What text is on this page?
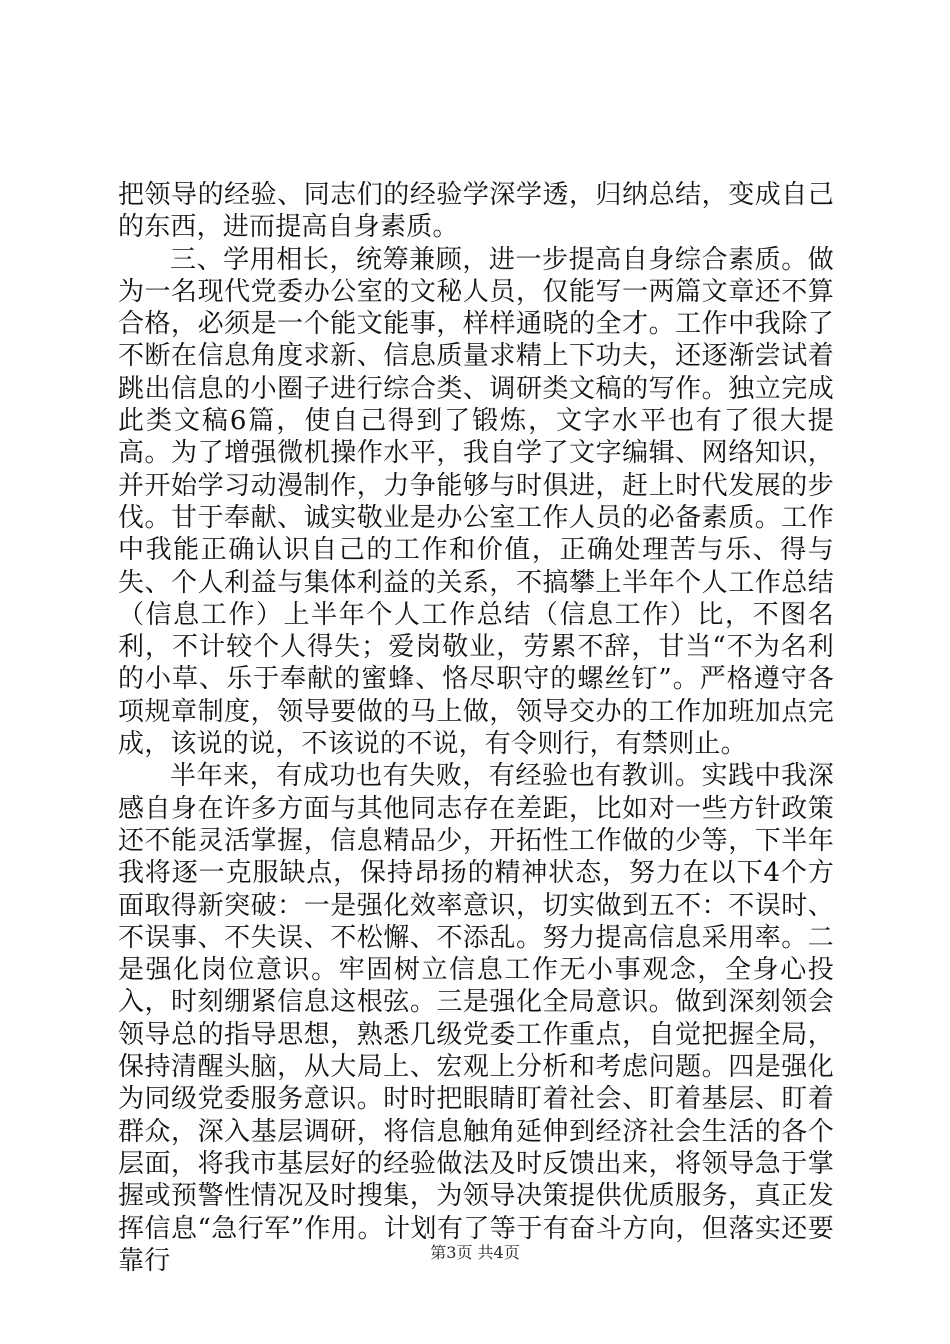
把领导的经验、同志们的经验学深学透，归纳总结，变成自己的东西，进而提高自身素质。

三、学用相长，统筹兼顾，进一步提高自身综合素质。做为一名现代党委办公室的文秘人员，仅能写一两篇文章还不算合格，必须是一个能文能事，样样通晓的全才。工作中我除了不断在信息角度求新、信息质量求精上下功夫，还逐渐尝试着跳出信息的小圈子进行综合类、调研类文稿的写作。独立完成此类文稿6篇，使自己得到了锻炼，文字水平也有了很大提高。为了增强微机操作水平，我自学了文字编辑、网络知识，并开始学习动漫制作，力争能够与时俱进，赶上时代发展的步伐。甘于奉献、诚实敬业是办公室工作人员的必备素质。工作中我能正确认识自己的工作和价值，正确处理苦与乐、得与失、个人利益与集体利益的关系，不搞攀上半年个人工作总结（信息工作）上半年个人工作总结（信息工作）比，不图名利，不计较个人得失；爱岗敬业，劳累不辞，甘当“不为名利的小草、乐于奉献的蜜蜂、恪尽职守的螺丝钉”。严格遵守各项规章制度，领导要做的马上做，领导交办的工作加班加点完成，该说的说，不该说的不说，有令则行，有禁则止。

半年来，有成功也有失败，有经验也有教训。实践中我深感自身在许多方面与其他同志存在差距，比如对一些方针政策还不能灵活掌握，信息精品少，开拓性工作做的少等，下半年我将逐一克服缺点，保持昂扬的精神状态，努力在以下4个方面取得新突破：一是强化效率意识，切实做到五不：不误时、不误事、不失误、不松懈、不添乱。努力提高信息采用率。二是强化岗位意识。牢固树立信息工作无小事观念，全身心投入，时刻绷紧信息这根弦。三是强化全局意识。做到深刻领会领导总的指导思想，熟悉几级党委工作重点，自觉把握全局，保持清醒头脑，从大局上、宏观上分析和考虑问题。四是强化为同级党委服务意识。时时把眼睛盯着社会、盯着基层、盯着群众，深入基层调研，将信息触角延伸到经济社会生活的各个层面，将我市基层好的经验做法及时反馈出来，将领导急于掌握或预警性情况及时搜集，为领导决策提供优质服务，真正发挥信息“急行军”作用。计划有了等于有奋斗方向，但落实还要靠行	第3页 共4页
